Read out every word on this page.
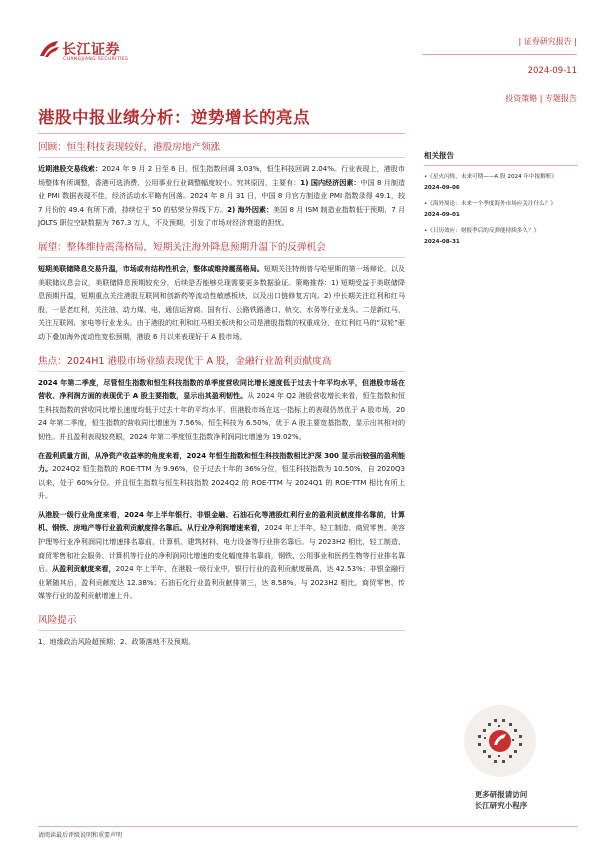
长江证券
CHANGJIANG SECURITIES
| 证券研究报告 |
2024-09-11
投资策略 | 专题报告
港股中报业绩分析：逆势增长的亮点
回顾：恒生科技表现较好，港股房地产领涨

近期港股交易线索：2024 年 9 月 2 日至 6 日，恒生指数回调 3.03%，恒生科技回调 2.04%。行业表现上，港股市场整体有所调整，香港可选消费、公用事业行业调整幅度较小。究其原因，主要有：1) 国内经济因素：中国 8 月制造业 PMI 数据表现不佳，经济活动水平略有回落。2024 年 8 月 31 日，中国 8 月官方制造业 PMI 指数录得 49.1，较 7 月份的 49.4 有所下滑，持续位于 50 的枯荣分界线下方。2) 海外因素：美国 8 月 ISM 制造业指数低于预期，7 月 JOLTS 职位空缺数据为 767.3 万人，不及预期，引发了市场对经济衰退的担忧。

展望：整体维持震荡格局，短期关注海外降息预期升温下的反弹机会

短期美联储降息交易升温，市场或有结构性机会，整体或维持震荡格局。短期关注特朗普与哈里斯的第一场辩论，以及美联储议息会议，美联储降息预期较充分，后续是否能够兑现需要更多数据验证。策略推荐：1) 短期受益于美联储降息预期升温，短期重点关注港股互联网和创新药等流动性敏感板块，以及出口链修复方向。2) 中长期关注红利和红马股，一是老红利，关注油、动力煤、电、通信运营商、国有行、公路铁路港口、轨交、水务等行业龙头。二是新红马，关注互联网、家电等行业龙头。由于港股的红利和红马相关板块和公司是港股指数的权重成分，在红利红马的“双轮”驱动下叠加海外流动性宽松预期，港股 6 月以来表现好于 A 股市场。

焦点：2024H1 港股市场业绩表现优于 A 股，金融行业盈利贡献度高

2024 年第二季度，尽管恒生指数和恒生科技指数的单季度营收同比增长速度低于过去十年平均水平，但港股市场在营收、净利润方面的表现优于 A 股主要指数，显示出其盈利韧性。从 2024 年 Q2 港股营收增长来看，恒生指数和恒生科技指数的营收同比增长速度均低于过去十年的平均水平，但港股市场在这一指标上的表现仍然优于 A 股市场，2024 年第二季度，恒生指数的营收同比增速为 7.56%，恒生科技为 6.50%，优于 A 股主要宽基指数，显示出其相对的韧性。并且盈利表现较亮眼，2024 年第二季度恒生指数净利润同比增速为 19.02%。

在盈利质量方面，从净资产收益率的角度来看，2024 年恒生指数和恒生科技指数相比沪深 300 显示出较强的盈利能力。2024Q2 恒生指数的 ROE-TTM 为 9.96%，位于过去十年的 36%分位，恒生科技指数为 10.50%，自 2020Q3 以来，处于 60%分位。并且恒生指数与恒生科技指数 2024Q2 的 ROE-TTM 与 2024Q1 的 ROE-TTM 相比有所上升。

从港股一级行业角度来看，2024 年上半年银行、非银金融、石油石化等港股红利行业的盈利贡献度排名靠前，计算机、钢铁、房地产等行业盈利贡献度排名靠后。从行业净利润增速来看，2024 年上半年，轻工制造、商贸零售、美容护理等行业净利润同比增速排名靠前，计算机、建筑材料、电力设备等行业排名靠后。与 2023H2 相比，轻工制造、商贸零售和社会服务、计算机等行业的净利润同比增速的变化幅度排名靠前，钢铁、公用事业和医药生物等行业排名靠后。从盈利贡献度来看，2024 年上半年，在港股一级行业中，银行行业的盈利贡献度最高，达 42.53%；非银金融行业紧随其后，盈利贡献度达 12.38%；石油石化行业盈利贡献排第三，达 8.58%。与 2023H2 相比，商贸零售、传媒等行业的盈利贡献增速上升。

风险提示

1、地缘政治风险超预期；2、政策落地不及预期。

相关报告
•《星火闪烁，未来可期——A 股 2024 年中报解析》
2024-09-06
•《海外周论：未来一个季度海外市场应关注什么？》
2024-09-01
•《日历效应：财报季后的反弹能持续多久？》
2024-08-31
更多研报请访问
长江研究小程序
请阅读最后评级说明和重要声明
